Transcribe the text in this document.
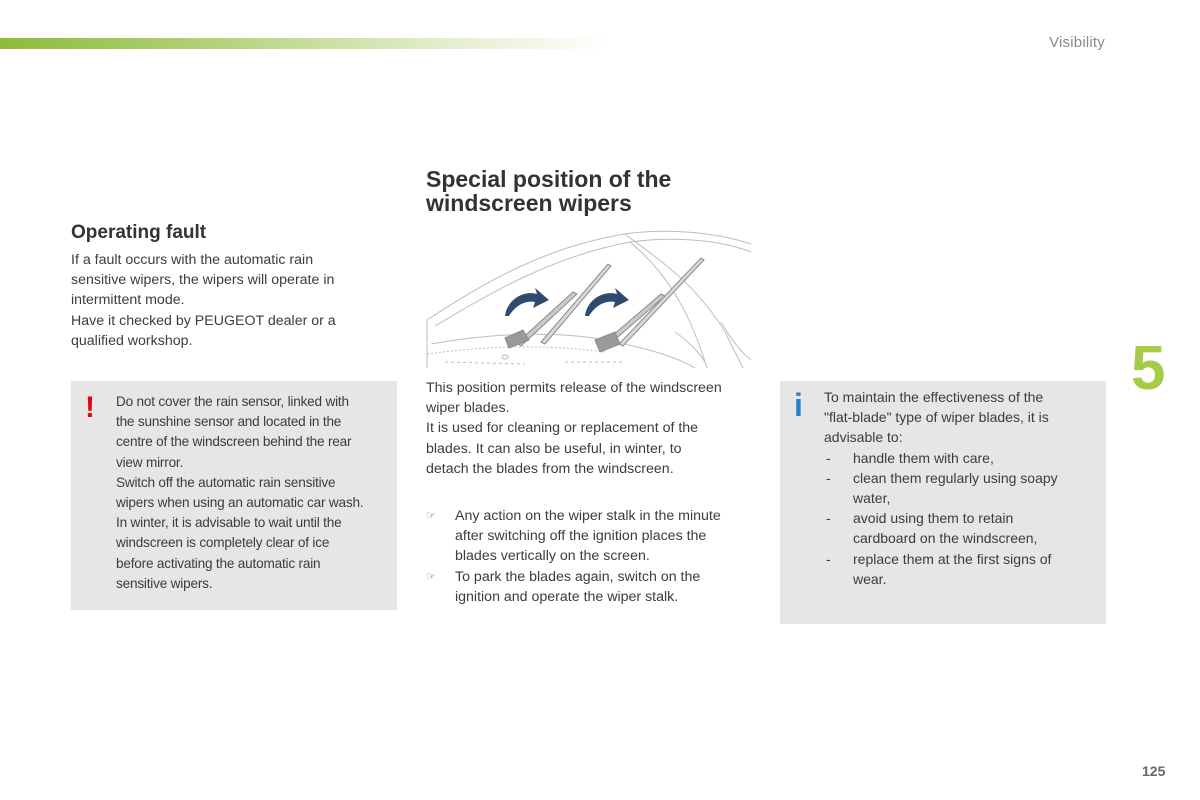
Visibility
5
125
Operating fault
If a fault occurs with the automatic rain
sensitive wipers, the wipers will operate in
intermittent mode.
Have it checked by PEUGEOT dealer or a
qualified workshop.
! Do not cover the rain sensor, linked with
the sunshine sensor and located in the
centre of the windscreen behind the rear
view mirror.
Switch off the automatic rain sensitive
wipers when using an automatic car wash.
In winter, it is advisable to wait until the
windscreen is completely clear of ice
before activating the automatic rain
sensitive wipers.
Special position of the
windscreen wipers
This position permits release of the windscreen
wiper blades.
It is used for cleaning or replacement of the
blades. It can also be useful, in winter, to
detach the blades from the windscreen.
☞ Any action on the wiper stalk in the minute
after switching off the ignition places the
blades vertically on the screen.
☞ To park the blades again, switch on the
ignition and operate the wiper stalk.
i To maintain the effectiveness of the
"flat-blade" type of wiper blades, it is
advisable to:
- handle them with care,
- clean them regularly using soapy
water,
- avoid using them to retain
cardboard on the windscreen,
- replace them at the first signs of
wear.
